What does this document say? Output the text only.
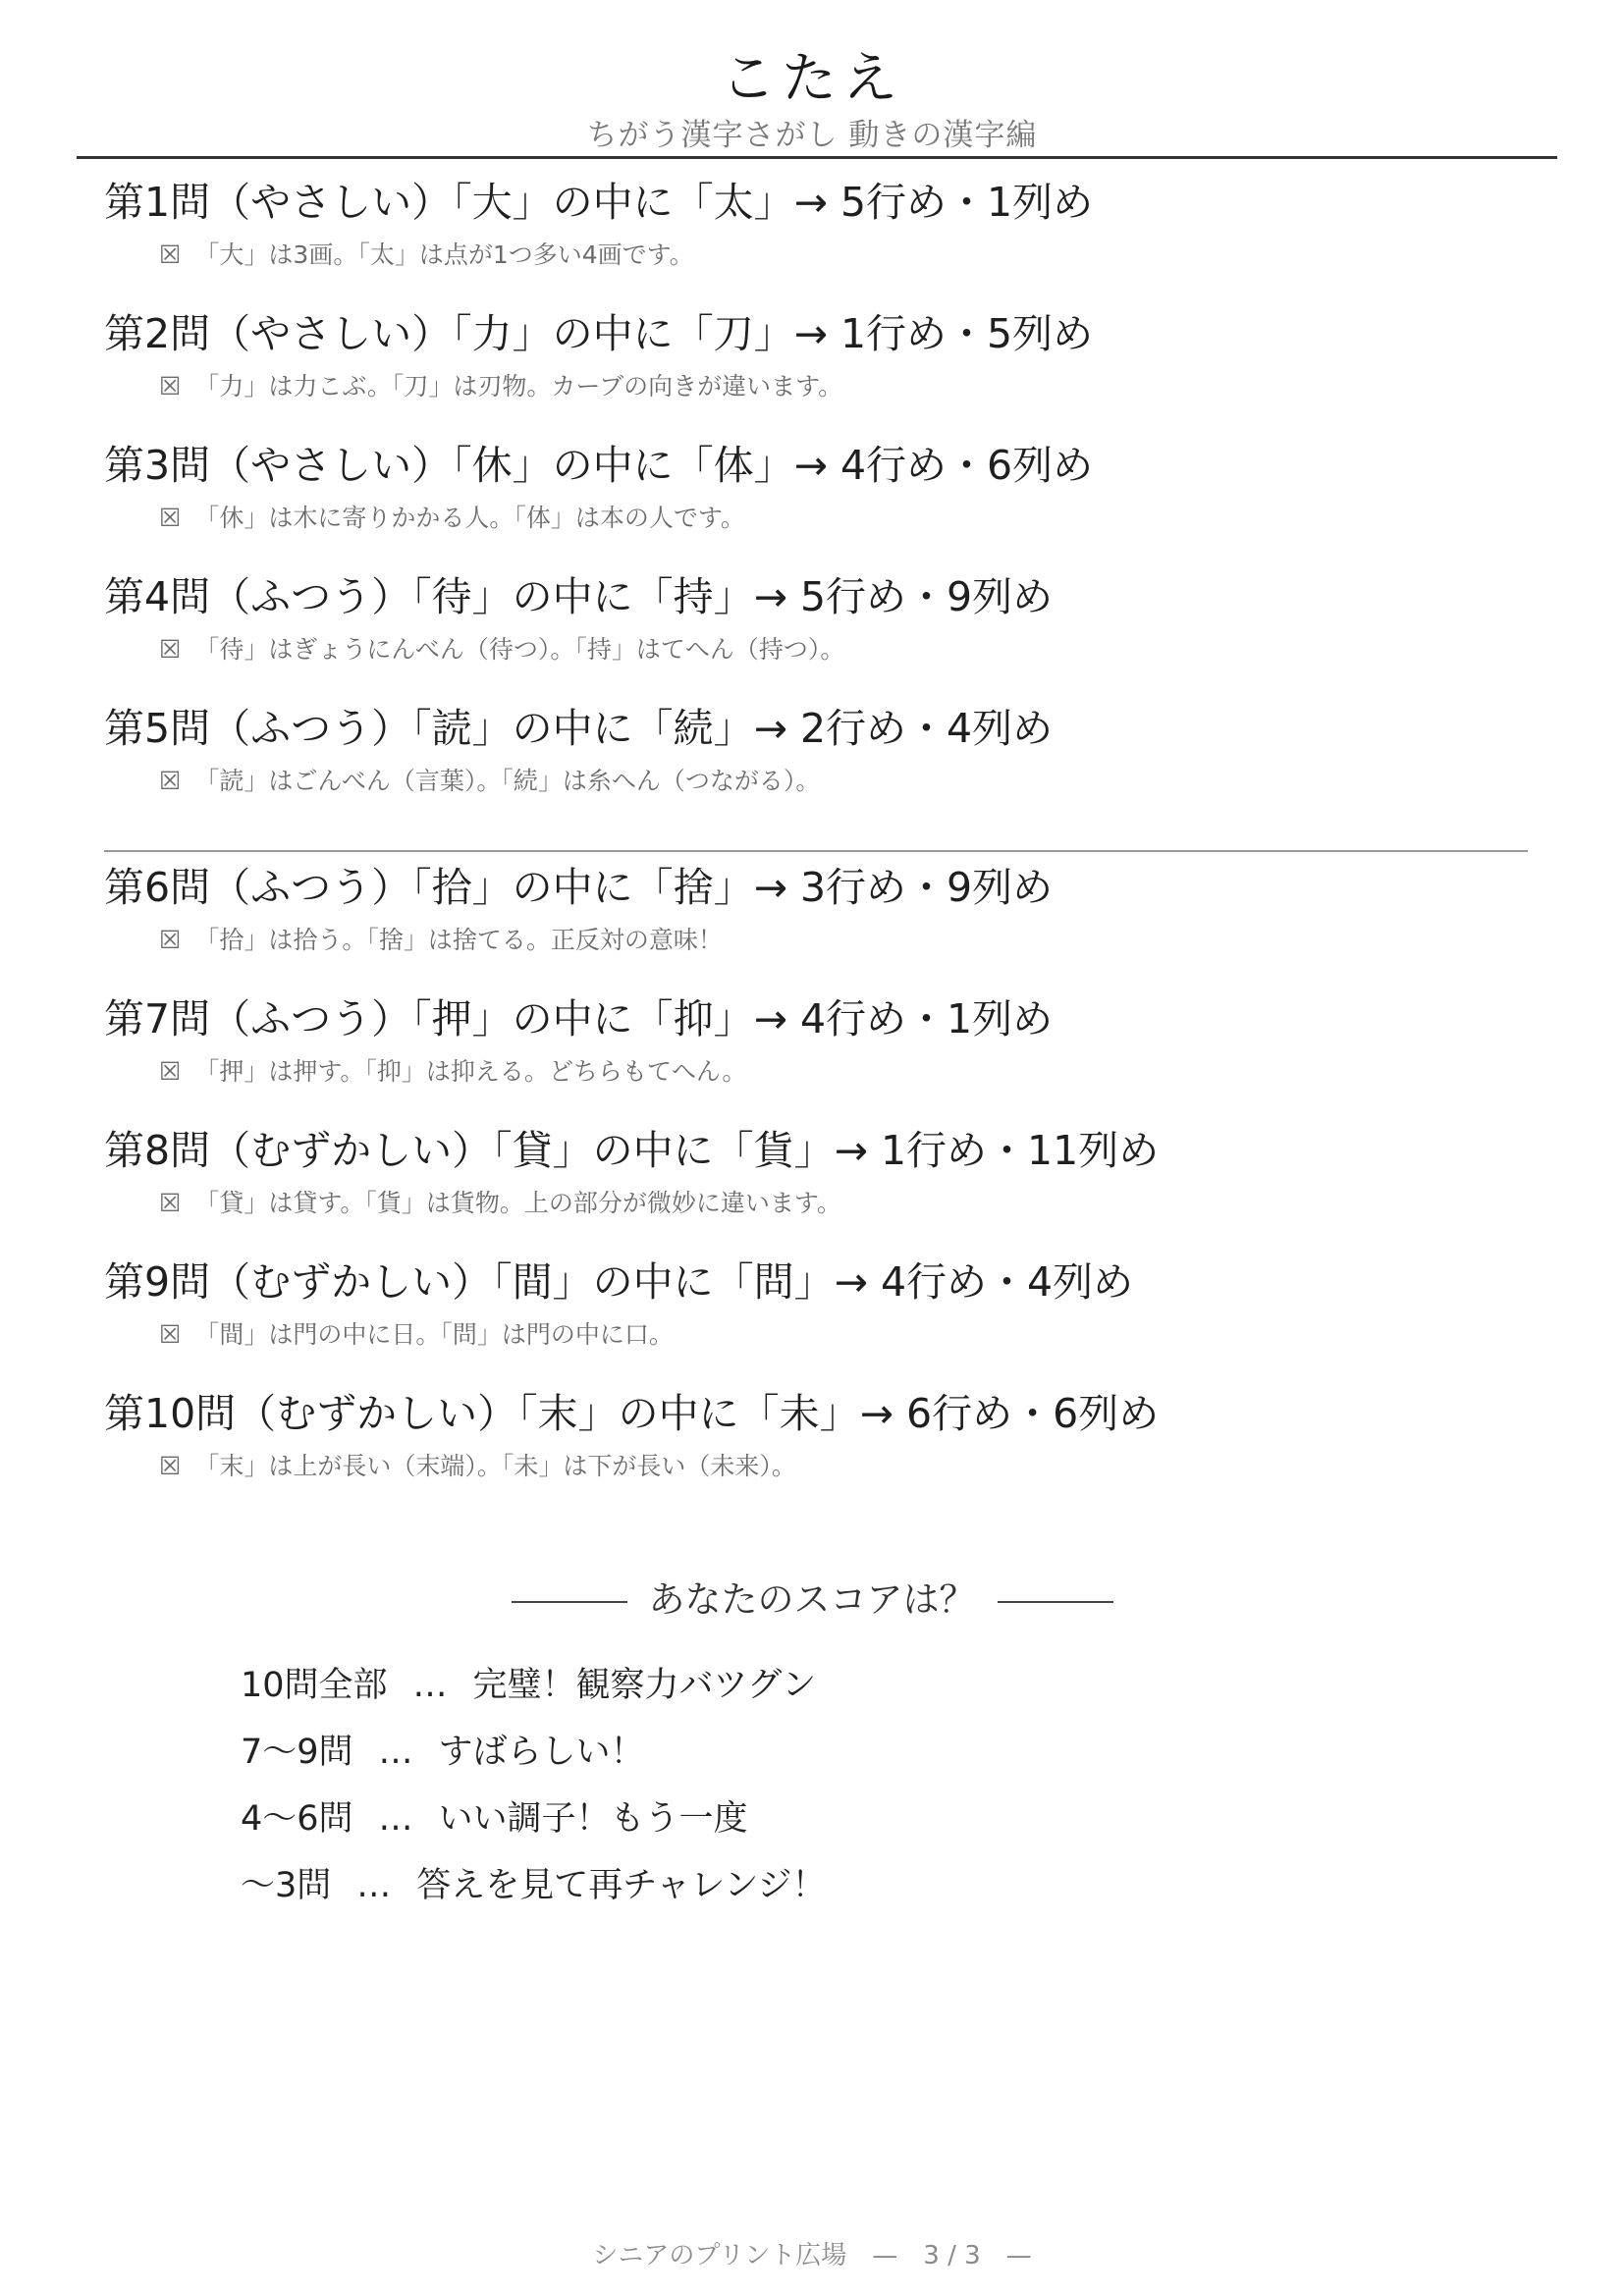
こたえ
ちがう漢字さがし 動きの漢字編
第1問（やさしい）「大」の中に「太」→ 5行め・1列め
☒ 「大」は3画。「太」は点が1つ多い4画です。
第2問（やさしい）「力」の中に「刀」→ 1行め・5列め
☒ 「力」は力こぶ。「刀」は刃物。カーブの向きが違います。
第3問（やさしい）「休」の中に「体」→ 4行め・6列め
☒ 「休」は木に寄りかかる人。「体」は本の人です。
第4問（ふつう）「待」の中に「持」→ 5行め・9列め
☒ 「待」はぎょうにんべん（待つ）。「持」はてへん（持つ）。
第5問（ふつう）「読」の中に「続」→ 2行め・4列め
☒ 「読」はごんべん（言葉）。「続」は糸へん（つながる）。
第6問（ふつう）「拾」の中に「捨」→ 3行め・9列め
☒ 「拾」は拾う。「捨」は捨てる。正反対の意味！
第7問（ふつう）「押」の中に「抑」→ 4行め・1列め
☒ 「押」は押す。「抑」は抑える。どちらもてへん。
第8問（むずかしい）「貸」の中に「貨」→ 1行め・11列め
☒ 「貸」は貸す。「貨」は貨物。上の部分が微妙に違います。
第9問（むずかしい）「間」の中に「問」→ 4行め・4列め
☒ 「間」は門の中に日。「問」は門の中に口。
第10問（むずかしい）「末」の中に「未」→ 6行め・6列め
☒ 「末」は上が長い（末端）。「未」は下が長い（未来）。
あなたのスコアは？
10問全部 … 完璧！観察力バツグン
7〜9問 … すばらしい！
4〜6問 … いい調子！もう一度
〜3問 … 答えを見て再チャレンジ！
シニアのプリント広場　—　3 / 3　—
